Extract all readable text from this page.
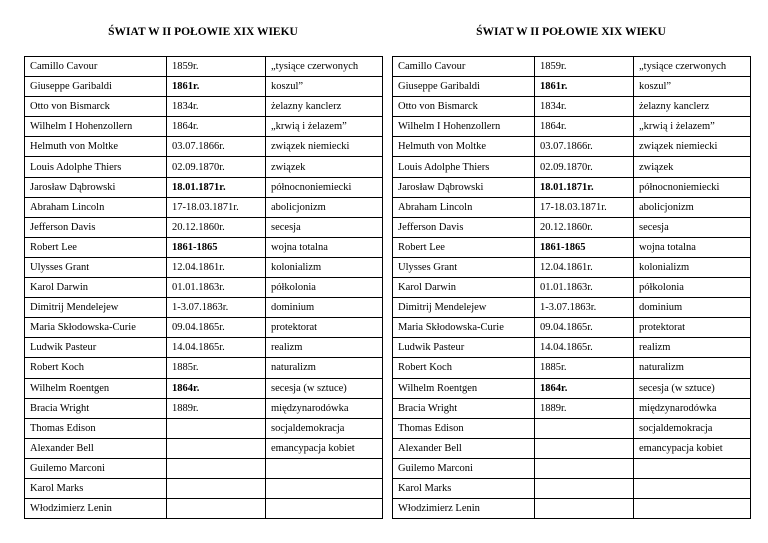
ŚWIAT W II POŁOWIE XIX WIEKU	ŚWIAT W II POŁOWIE XIX WIEKU
Camillo Cavour	1859r.	„tysiące czerwonych
Giuseppe Garibaldi	1861r.	koszul”
Otto von Bismarck	1834r.	żelazny kanclerz
Wilhelm I Hohenzollern	1864r.	„krwią i żelazem”
Helmuth von Moltke	03.07.1866r.	związek niemiecki
Louis Adolphe Thiers	02.09.1870r.	związek
Jarosław Dąbrowski	18.01.1871r.	północnoniemiecki
Abraham Lincoln	17-18.03.1871r.	abolicjonizm
Jefferson Davis	20.12.1860r.	secesja
Robert Lee	1861-1865	wojna totalna
Ulysses Grant	12.04.1861r.	kolonializm
Karol Darwin	01.01.1863r.	półkolonia
Dimitrij Mendelejew	1-3.07.1863r.	dominium
Maria Skłodowska-Curie	09.04.1865r.	protektorat
Ludwik Pasteur	14.04.1865r.	realizm
Robert Koch	1885r.	naturalizm
Wilhelm Roentgen	1864r.	secesja (w sztuce)
Bracia Wright	1889r.	międzynarodówka
Thomas Edison		socjaldemokracja
Alexander Bell		emancypacja kobiet
Guilemo Marconi		
Karol Marks		
Włodzimierz Lenin		
Camillo Cavour	1859r.	„tysiące czerwonych
Giuseppe Garibaldi	1861r.	koszul”
Otto von Bismarck	1834r.	żelazny kanclerz
Wilhelm I Hohenzollern	1864r.	„krwią i żelazem”
Helmuth von Moltke	03.07.1866r.	związek niemiecki
Louis Adolphe Thiers	02.09.1870r.	związek
Jarosław Dąbrowski	18.01.1871r.	północnoniemiecki
Abraham Lincoln	17-18.03.1871r.	abolicjonizm
Jefferson Davis	20.12.1860r.	secesja
Robert Lee	1861-1865	wojna totalna
Ulysses Grant	12.04.1861r.	kolonializm
Karol Darwin	01.01.1863r.	półkolonia
Dimitrij Mendelejew	1-3.07.1863r.	dominium
Maria Skłodowska-Curie	09.04.1865r.	protektorat
Ludwik Pasteur	14.04.1865r.	realizm
Robert Koch	1885r.	naturalizm
Wilhelm Roentgen	1864r.	secesja (w sztuce)
Bracia Wright	1889r.	międzynarodówka
Thomas Edison		socjaldemokracja
Alexander Bell		emancypacja kobiet
Guilemo Marconi		
Karol Marks		
Włodzimierz Lenin		
